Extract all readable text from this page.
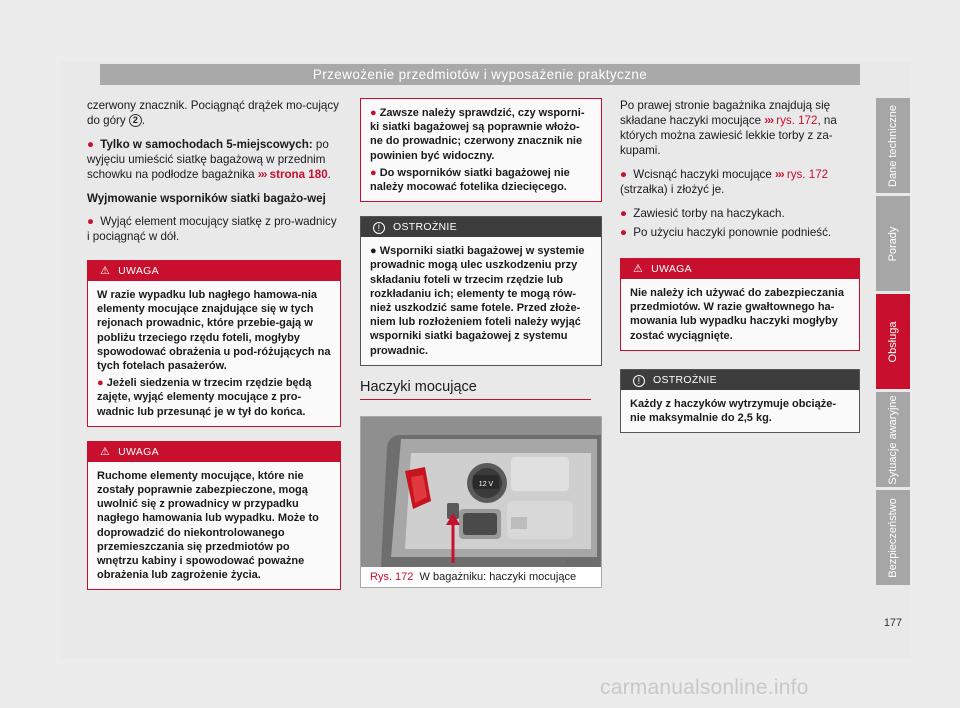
Przewożenie przedmiotów i wyposażenie praktyczne

czerwony znacznik. Pociągnąć drążek mo-cujący do góry 2 .

● Tylko w samochodach 5-miejscowych: po wyjęciu umieścić siatkę bagażową w przednim schowku na podłodze bagażnika ››› strona 180.

Wyjmowanie wsporników siatki bagażo-wej

● Wyjąć element mocujący siatkę z pro-wadnicy i pociągnąć w dół.

⚠ UWAGA

W razie wypadku lub nagłego hamowa-nia elementy mocujące znajdujące się w tych rejonach prowadnic, które przebie-gają w pobliżu trzeciego rzędu foteli, mogłyby spowodować obrażenia u pod-różujących na tych fotelach pasażerów.

● Jeżeli siedzenia w trzecim rzędzie będą zajęte, wyjąć elementy mocujące z pro-wadnic lub przesunąć je w tył do końca.

⚠ UWAGA

Ruchome elementy mocujące, które nie zostały poprawnie zabezpieczone, mogą uwolnić się z prowadnicy w przypadku nagłego hamowania lub wypadku. Może to doprowadzić do niekontrolowanego przemieszczania się przedmiotów po wnętrzu kabiny i spowodować poważne obrażenia lub zagrożenie życia.

● Zawsze należy sprawdzić, czy wsporni-ki siatki bagażowej są poprawnie włożo-ne do prowadnic; czerwony znacznik nie powinien być widoczny.

● Do wsporników siatki bagażowej nie należy mocować fotelika dziecięcego.

! OSTROŻNIE

● Wsporniki siatki bagażowej w systemie prowadnic mogą ulec uszkodzeniu przy składaniu foteli w trzecim rzędzie lub rozkładaniu ich; elementy te mogą rów-nież uszkodzić same fotele. Przed złoże-niem lub rozłożeniem foteli należy wyjąć wsporniki siatki bagażowej z systemu prowadnic.

Haczyki mocujące
12 V
B7V-0715
Rys. 172 W bagażniku: haczyki mocujące

Po prawej stronie bagażnika znajdują się składane haczyki mocujące ››› rys. 172, na których można zawiesić lekkie torby z za-kupami.

● Wcisnąć haczyki mocujące ››› rys. 172 (strzałka) i złożyć je.

● Zawiesić torby na haczykach.

● Po użyciu haczyki ponownie podnieść.

⚠ UWAGA

Nie należy ich używać do zabezpieczania przedmiotów. W razie gwałtownego ha-mowania lub wypadku haczyki mogłyby zostać wyciągnięte.

! OSTROŻNIE

Każdy z haczyków wytrzymuje obciąże-nie maksymalnie do 2,5 kg.

Dane techniczne
Porady
Obsługa
Sytuacje awaryjne
Bezpieczeństwo
177
carmanualsonline.info
